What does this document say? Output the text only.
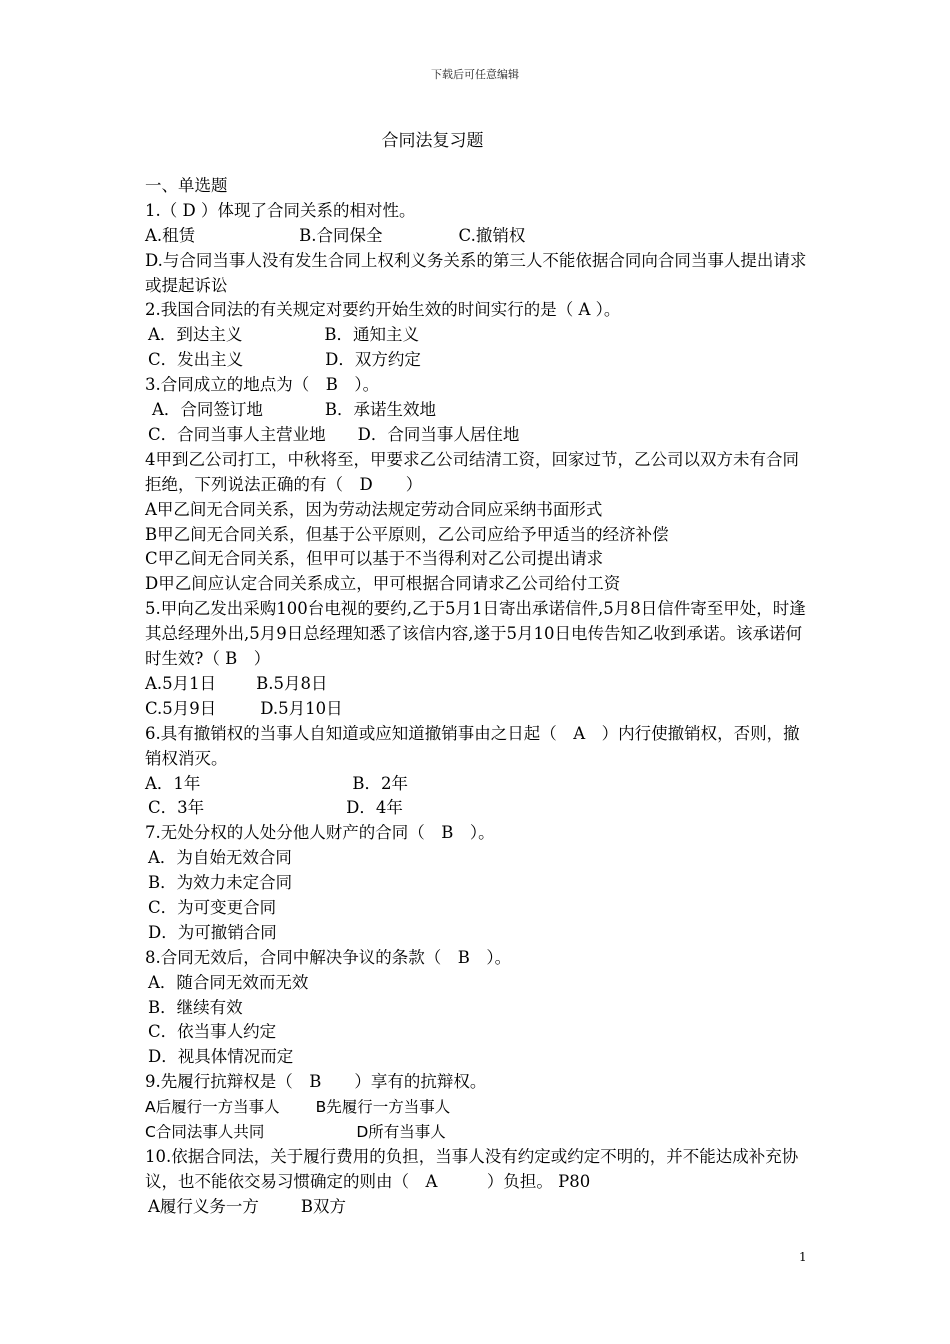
下载后可任意编辑
合同法复习题
一、单选题
1.（ D ）体现了合同关系的相对性。
A.租赁	B.合同保全	C.撤销权
D.与合同当事人没有发生合同上权利义务关系的第三人不能依据合同向合同当事人提出请求或提起诉讼
2.我国合同法的有关规定对要约开始生效的时间实行的是（ A ）。
A．到达主义	B．通知主义
C．发出主义	D．双方约定
3.合同成立的地点为（　B　）。
A．合同签订地	B．承诺生效地
C．合同当事人主营业地 D．合同当事人居住地
4甲到乙公司打工，中秋将至，甲要求乙公司结清工资，回家过节，乙公司以双方未有合同拒绝，下列说法正确的有（　D　　）
A甲乙间无合同关系，因为劳动法规定劳动合同应采纳书面形式
B甲乙间无合同关系，但基于公平原则，乙公司应给予甲适当的经济补偿
C甲乙间无合同关系，但甲可以基于不当得利对乙公司提出请求
D甲乙间应认定合同关系成立，甲可根据合同请求乙公司给付工资
5.甲向乙发出采购100台电视的要约,乙于5月1日寄出承诺信件,5月8日信件寄至甲处，时逢其总经理外出,5月9日总经理知悉了该信内容,遂于5月10日电传告知乙收到承诺。该承诺何时生效?（ B　）
A.5月1日 B.5月8日
C.5月9日	D.5月10日
6.具有撤销权的当事人自知道或应知道撤销事由之日起（　A　）内行使撤销权，否则，撤销权消灭。
A．1年	B．2年
C．3年	D．4年
7.无处分权的人处分他人财产的合同（　B　）。
A．为自始无效合同
B．为效力未定合同
C．为可变更合同
D．为可撤销合同
8.合同无效后，合同中解决争议的条款（　B　）。
A．随合同无效而无效
B．继续有效
C．依当事人约定
D．视具体情况而定
9.先履行抗辩权是（　B　　）享有的抗辩权。
A后履行一方当事人 B先履行一方当事人
C合同法事人共同	D所有当事人
10.依据合同法，关于履行费用的负担，当事人没有约定或约定不明的，并不能达成补充协议，也不能依交易习惯确定的则由（　A　　　）负担。 P80
A履行义务一方	B双方
1
